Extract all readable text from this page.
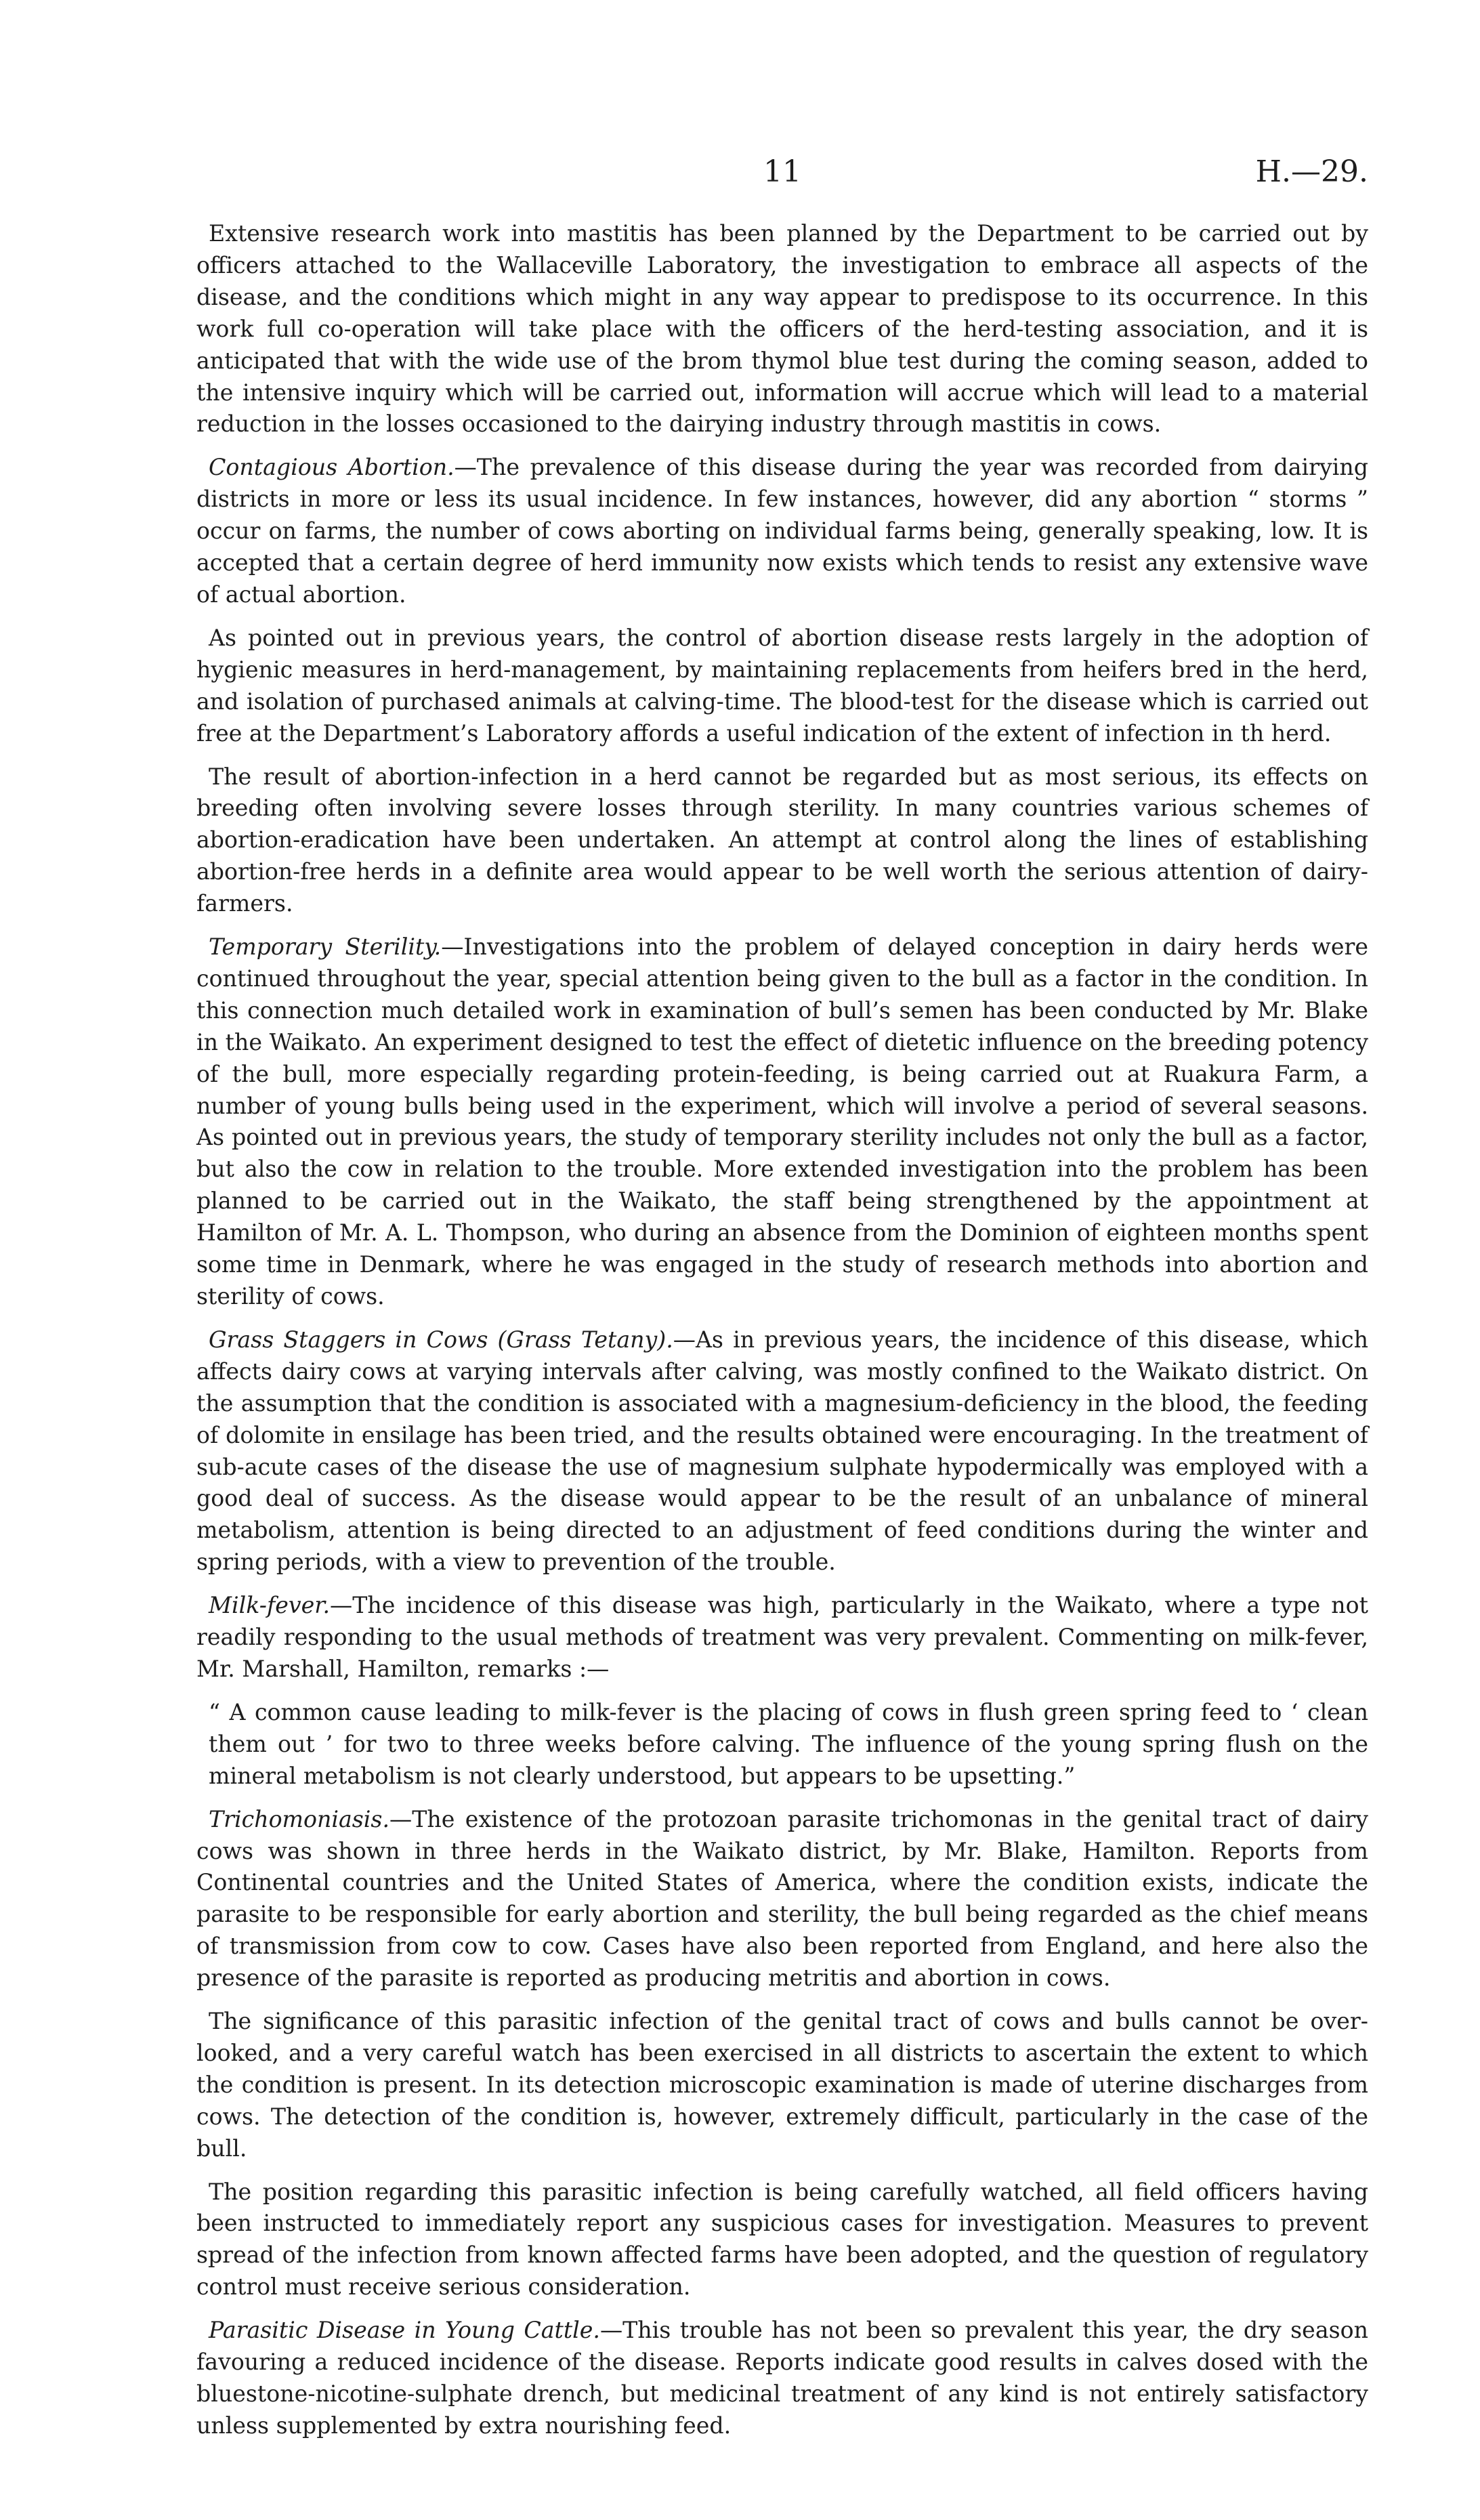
11	H.—29.

Extensive research work into mastitis has been planned by the Department to be carried out by officers attached to the Wallaceville Laboratory, the investigation to embrace all aspects of the disease, and the conditions which might in any way appear to predispose to its occurrence. In this work full co-operation will take place with the officers of the herd-testing association, and it is anticipated that with the wide use of the brom thymol blue test during the coming season, added to the intensive inquiry which will be carried out, information will accrue which will lead to a material reduction in the losses occasioned to the dairying industry through mastitis in cows.

Contagious Abortion.—The prevalence of this disease during the year was recorded from dairying districts in more or less its usual incidence. In few instances, however, did any abortion “ storms ” occur on farms, the number of cows aborting on individual farms being, generally speaking, low. It is accepted that a certain degree of herd immunity now exists which tends to resist any extensive wave of actual abortion.

As pointed out in previous years, the control of abortion disease rests largely in the adoption of hygienic measures in herd-management, by maintaining replacements from heifers bred in the herd, and isolation of purchased animals at calving-time. The blood-test for the disease which is carried out free at the Department’s Laboratory affords a useful indication of the extent of infection in th herd.

The result of abortion-infection in a herd cannot be regarded but as most serious, its effects on breeding often involving severe losses through sterility. In many countries various schemes of abortion-eradication have been undertaken. An attempt at control along the lines of establishing abortion-free herds in a definite area would appear to be well worth the serious attention of dairy-farmers.

Temporary Sterility.—Investigations into the problem of delayed conception in dairy herds were continued throughout the year, special attention being given to the bull as a factor in the condition. In this connection much detailed work in examination of bull’s semen has been conducted by Mr. Blake in the Waikato. An experiment designed to test the effect of dietetic influence on the breeding potency of the bull, more especially regarding protein-feeding, is being carried out at Ruakura Farm, a number of young bulls being used in the experiment, which will involve a period of several seasons. As pointed out in previous years, the study of temporary sterility includes not only the bull as a factor, but also the cow in relation to the trouble. More extended investigation into the problem has been planned to be carried out in the Waikato, the staff being strengthened by the appointment at Hamilton of Mr. A. L. Thompson, who during an absence from the Dominion of eighteen months spent some time in Denmark, where he was engaged in the study of research methods into abortion and sterility of cows.

Grass Staggers in Cows (Grass Tetany).—As in previous years, the incidence of this disease, which affects dairy cows at varying intervals after calving, was mostly confined to the Waikato district. On the assumption that the condition is associated with a magnesium-deficiency in the blood, the feeding of dolomite in ensilage has been tried, and the results obtained were encouraging. In the treatment of sub-acute cases of the disease the use of magnesium sulphate hypodermically was employed with a good deal of success. As the disease would appear to be the result of an unbalance of mineral metabolism, attention is being directed to an adjustment of feed conditions during the winter and spring periods, with a view to prevention of the trouble.

Milk-fever.—The incidence of this disease was high, particularly in the Waikato, where a type not readily responding to the usual methods of treatment was very prevalent. Commenting on milk-fever, Mr. Marshall, Hamilton, remarks :—

“ A common cause leading to milk-fever is the placing of cows in flush green spring feed to ‘ clean them out ’ for two to three weeks before calving. The influence of the young spring flush on the mineral metabolism is not clearly understood, but appears to be upsetting.”

Trichomoniasis.—The existence of the protozoan parasite trichomonas in the genital tract of dairy cows was shown in three herds in the Waikato district, by Mr. Blake, Hamilton. Reports from Continental countries and the United States of America, where the condition exists, indicate the parasite to be responsible for early abortion and sterility, the bull being regarded as the chief means of transmission from cow to cow. Cases have also been reported from England, and here also the presence of the parasite is reported as producing metritis and abortion in cows.

The significance of this parasitic infection of the genital tract of cows and bulls cannot be over-looked, and a very careful watch has been exercised in all districts to ascertain the extent to which the condition is present. In its detection microscopic examination is made of uterine discharges from cows. The detection of the condition is, however, extremely difficult, particularly in the case of the bull.

The position regarding this parasitic infection is being carefully watched, all field officers having been instructed to immediately report any suspicious cases for investigation. Measures to prevent spread of the infection from known affected farms have been adopted, and the question of regulatory control must receive serious consideration.

Parasitic Disease in Young Cattle.—This trouble has not been so prevalent this year, the dry season favouring a reduced incidence of the disease. Reports indicate good results in calves dosed with the bluestone-nicotine-sulphate drench, but medicinal treatment of any kind is not entirely satisfactory unless supplemented by extra nourishing feed.
